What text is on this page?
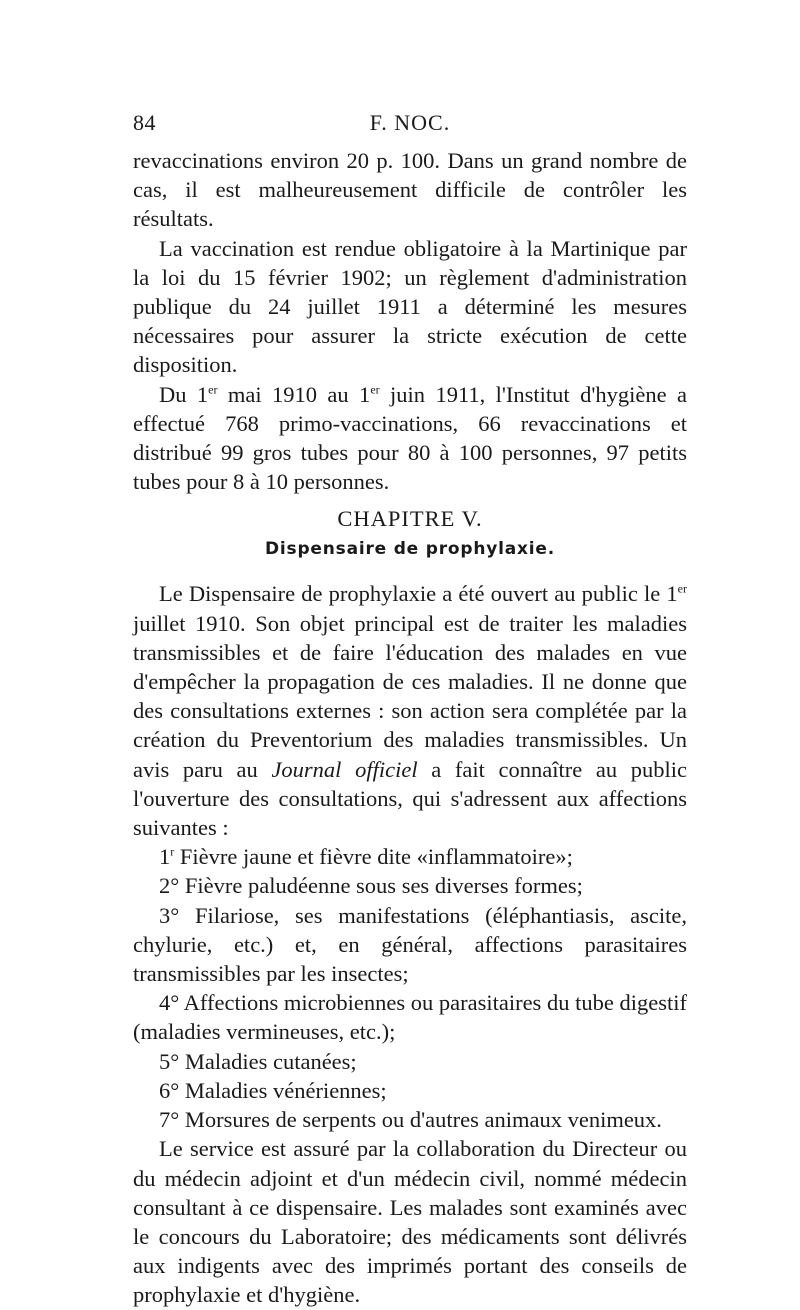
84	F. NOC.

revaccinations environ 20 p. 100. Dans un grand nombre de cas, il est malheureusement difficile de contrôler les résultats.

La vaccination est rendue obligatoire à la Martinique par la loi du 15 février 1902; un règlement d'administration publique du 24 juillet 1911 a déterminé les mesures nécessaires pour assurer la stricte exécution de cette disposition.

Du 1er mai 1910 au 1er juin 1911, l'Institut d'hygiène a effectué 768 primo-vaccinations, 66 revaccinations et distribué 99 gros tubes pour 80 à 100 personnes, 97 petits tubes pour 8 à 10 personnes.

CHAPITRE V.
Dispensaire de prophylaxie.

Le Dispensaire de prophylaxie a été ouvert au public le 1er juillet 1910. Son objet principal est de traiter les maladies transmissibles et de faire l'éducation des malades en vue d'empêcher la propagation de ces maladies. Il ne donne que des consultations externes : son action sera complétée par la création du Preventorium des maladies transmissibles. Un avis paru au Journal officiel a fait connaître au public l'ouverture des consultations, qui s'adressent aux affections suivantes :

1$^r$ Fièvre jaune et fièvre dite «inflammatoire»;

2° Fièvre paludéenne sous ses diverses formes;

3° Filariose, ses manifestations (éléphantiasis, ascite, chylurie, etc.) et, en général, affections parasitaires transmissibles par les insectes;

4° Affections microbiennes ou parasitaires du tube digestif (maladies vermineuses, etc.);

5° Maladies cutanées;

6° Maladies vénériennes;

7° Morsures de serpents ou d'autres animaux venimeux.

Le service est assuré par la collaboration du Directeur ou du médecin adjoint et d'un médecin civil, nommé médecin consultant à ce dispensaire. Les malades sont examinés avec le concours du Laboratoire; des médicaments sont délivrés aux indigents avec des imprimés portant des conseils de prophylaxie et d'hygiène.
